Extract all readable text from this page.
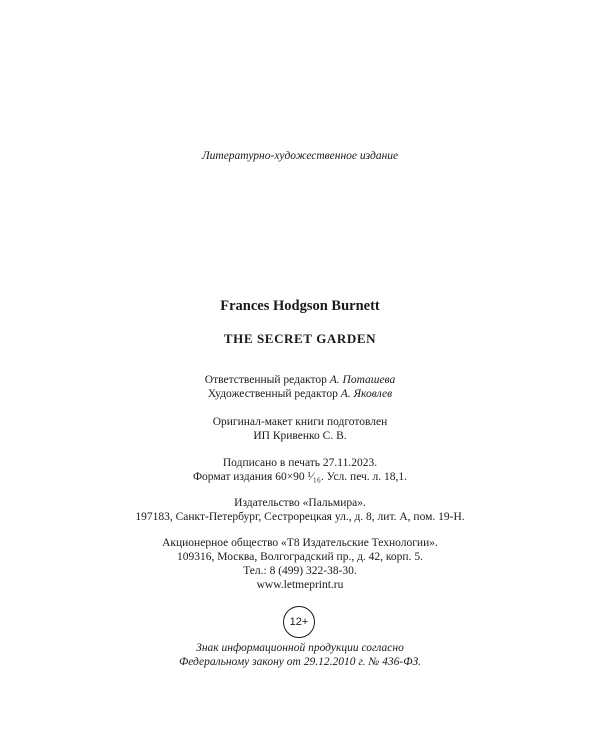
Литературно-художественное издание
Frances Hodgson Burnett
THE SECRET GARDEN
Ответственный редактор А. Поташева
Художественный редактор А. Яковлев
Оригинал-макет книги подготовлен
ИП Кривенко С. В.
Подписано в печать 27.11.2023.
Формат издания 60×90 ¹⁄₁₆. Усл. печ. л. 18,1.
Издательство «Пальмира».
197183, Санкт-Петербург, Сестрорецкая ул., д. 8, лит. А, пом. 19-Н.
Акционерное общество «Т8 Издательские Технологии».
109316, Москва, Волгоградский пр., д. 42, корп. 5.
Тел.: 8 (499) 322-38-30.
www.letmeprint.ru
12+
Знак информационной продукции согласно
Федеральному закону от 29.12.2010 г. № 436-ФЗ.
